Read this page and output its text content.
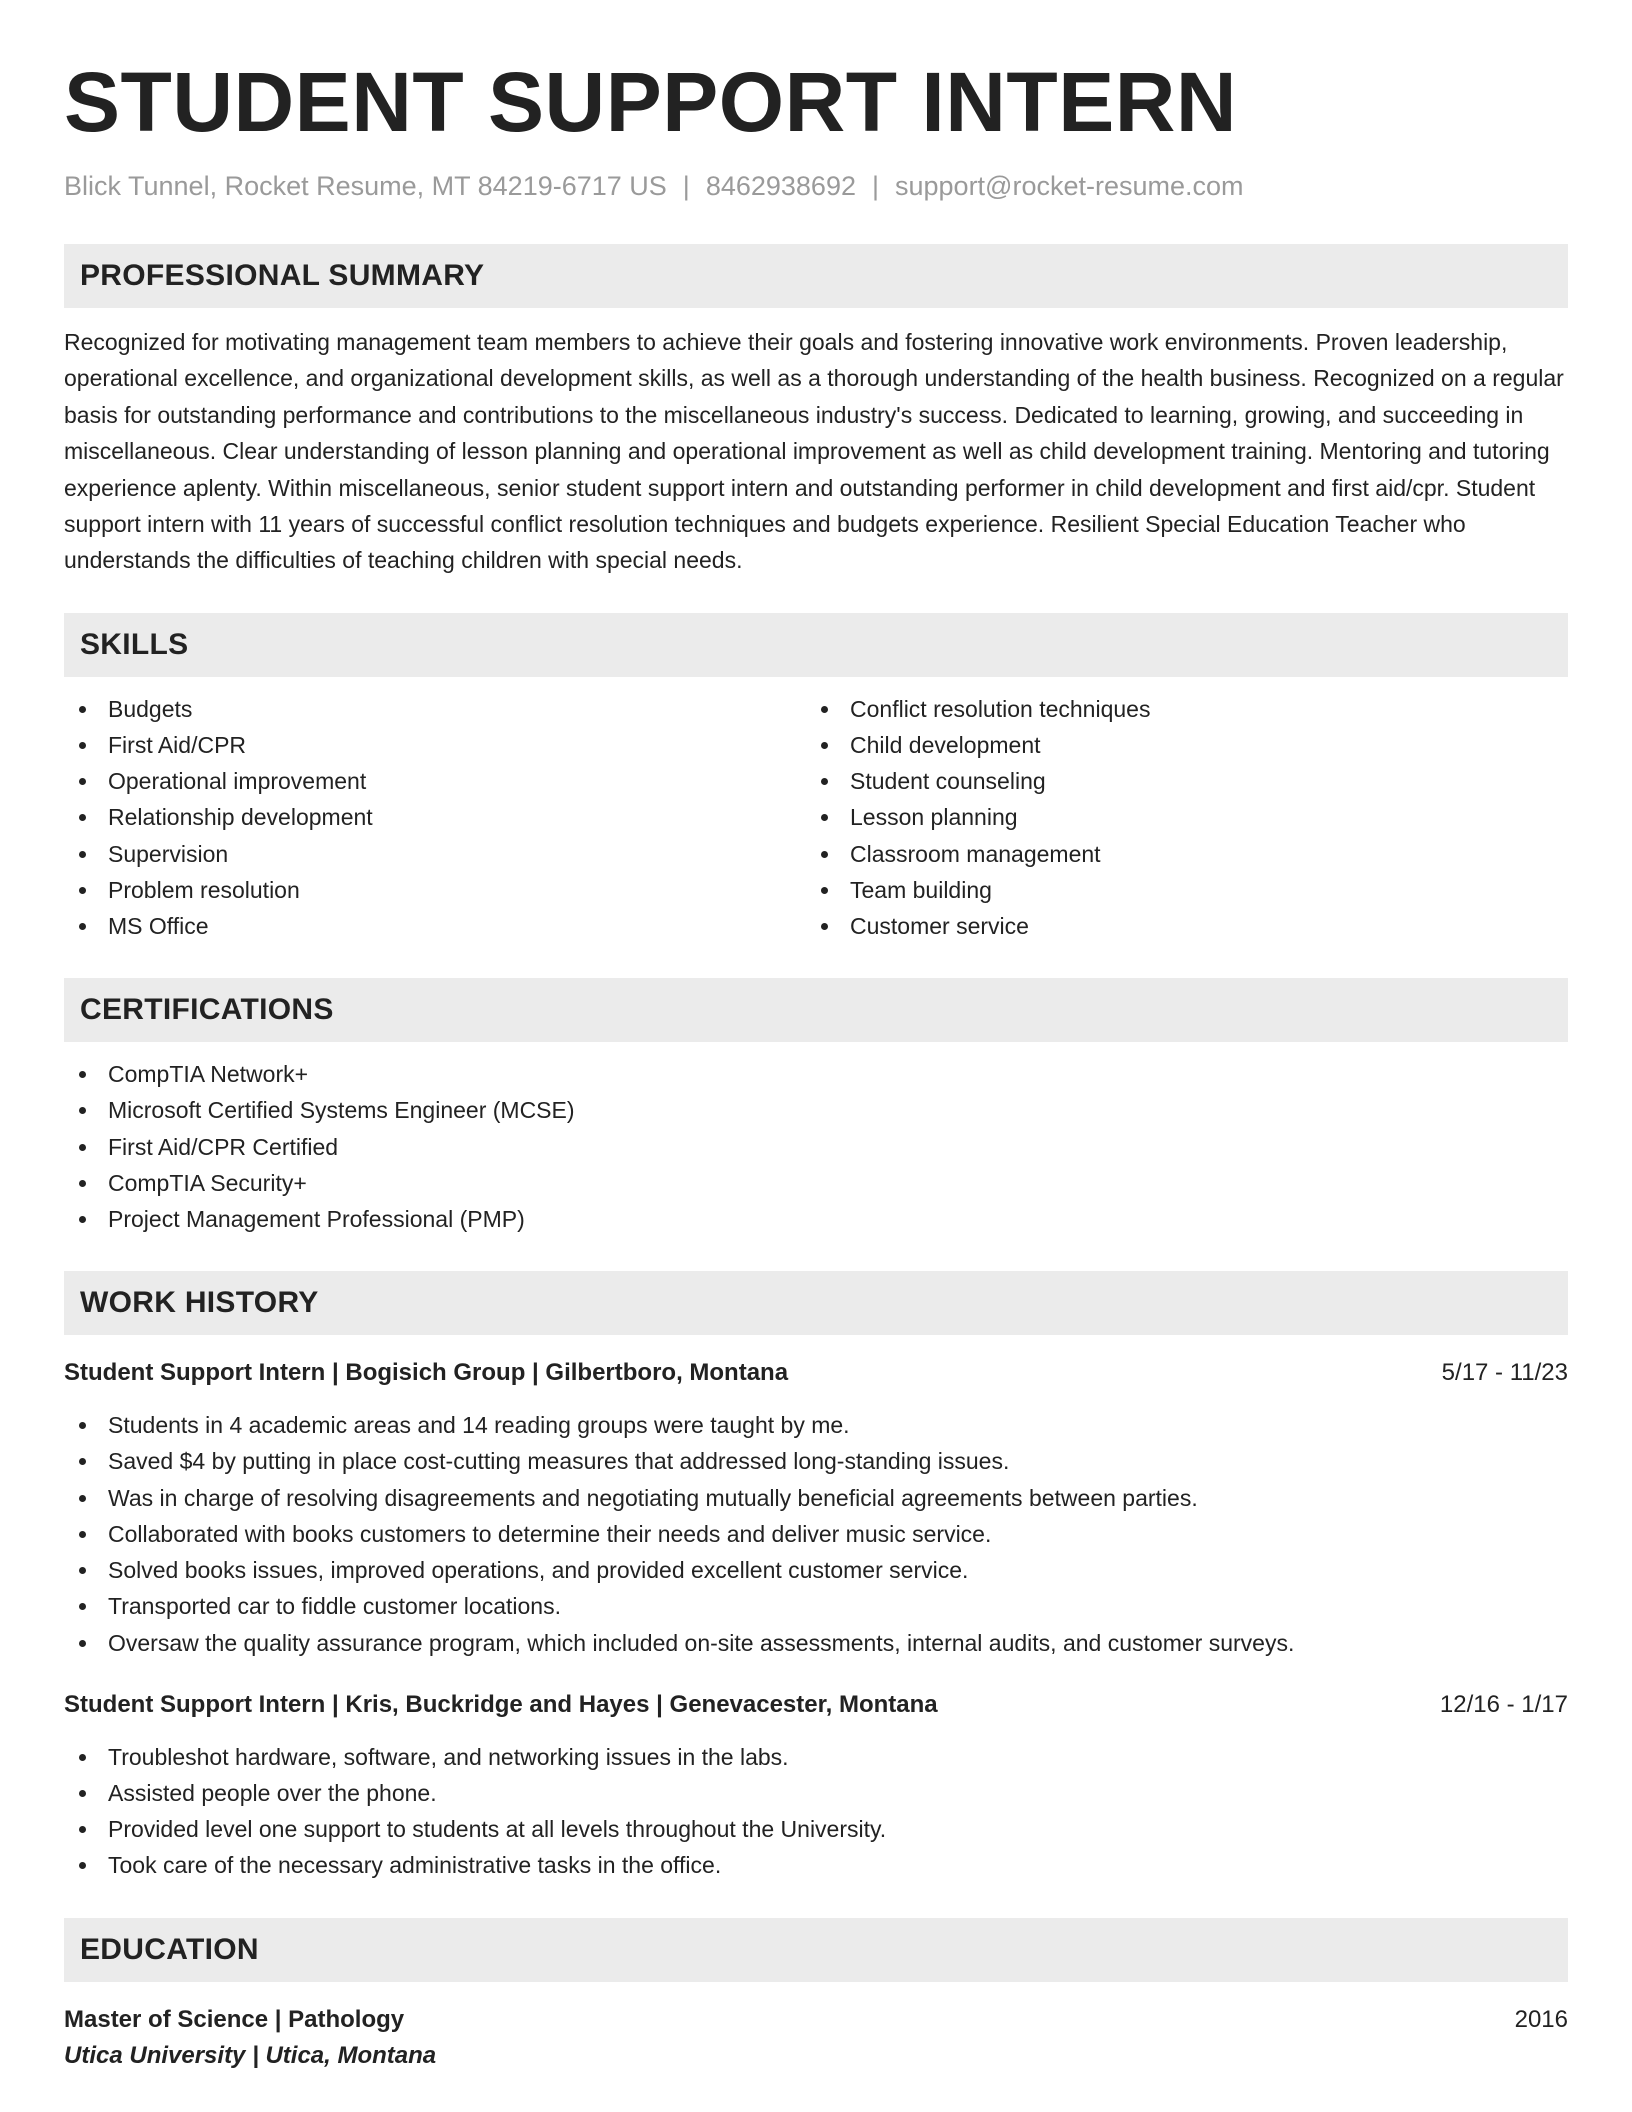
STUDENT SUPPORT INTERN
Blick Tunnel, Rocket Resume, MT 84219-6717 US | 8462938692 | support@rocket-resume.com
PROFESSIONAL SUMMARY
Recognized for motivating management team members to achieve their goals and fostering innovative work environments. Proven leadership, operational excellence, and organizational development skills, as well as a thorough understanding of the health business. Recognized on a regular basis for outstanding performance and contributions to the miscellaneous industry's success. Dedicated to learning, growing, and succeeding in miscellaneous. Clear understanding of lesson planning and operational improvement as well as child development training. Mentoring and tutoring experience aplenty. Within miscellaneous, senior student support intern and outstanding performer in child development and first aid/cpr. Student support intern with 11 years of successful conflict resolution techniques and budgets experience. Resilient Special Education Teacher who understands the difficulties of teaching children with special needs.
SKILLS
Budgets
First Aid/CPR
Operational improvement
Relationship development
Supervision
Problem resolution
MS Office
Conflict resolution techniques
Child development
Student counseling
Lesson planning
Classroom management
Team building
Customer service
CERTIFICATIONS
CompTIA Network+
Microsoft Certified Systems Engineer (MCSE)
First Aid/CPR Certified
CompTIA Security+
Project Management Professional (PMP)
WORK HISTORY
Student Support Intern | Bogisich Group | Gilbertboro, Montana	5/17 - 11/23
Students in 4 academic areas and 14 reading groups were taught by me.
Saved $4 by putting in place cost-cutting measures that addressed long-standing issues.
Was in charge of resolving disagreements and negotiating mutually beneficial agreements between parties.
Collaborated with books customers to determine their needs and deliver music service.
Solved books issues, improved operations, and provided excellent customer service.
Transported car to fiddle customer locations.
Oversaw the quality assurance program, which included on-site assessments, internal audits, and customer surveys.
Student Support Intern | Kris, Buckridge and Hayes | Genevacester, Montana	12/16 - 1/17
Troubleshot hardware, software, and networking issues in the labs.
Assisted people over the phone.
Provided level one support to students at all levels throughout the University.
Took care of the necessary administrative tasks in the office.
EDUCATION
Master of Science | Pathology	2016
Utica University | Utica, Montana
